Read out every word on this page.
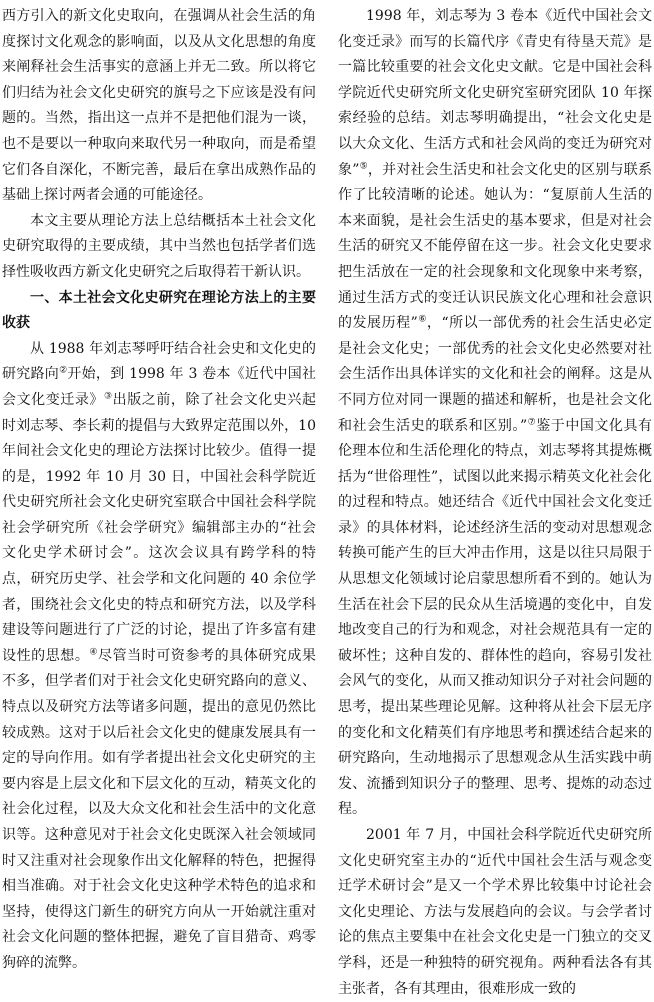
西方引入的新文化史取向，在强调从社会生活的角度探讨文化观念的影响面，以及从文化思想的角度来阐释社会生活事实的意涵上并无二致。所以将它们归结为社会文化史研究的旗号之下应该是没有问题的。当然，指出这一点并不是把他们混为一谈，也不是要以一种取向来取代另一种取向，而是希望它们各自深化，不断完善，最后在拿出成熟作品的基础上探讨两者会通的可能途径。

本文主要从理论方法上总结概括本土社会文化史研究取得的主要成绩，其中当然也包括学者们选择性吸收西方新文化史研究之后取得若干新认识。

一、本土社会文化史研究在理论方法上的主要收获

从 1988 年刘志琴呼吁结合社会史和文化史的研究路向②开始，到 1998 年 3 卷本《近代中国社会文化变迁录》③出版之前，除了社会文化史兴起时刘志琴、李长莉的提倡与大致界定范围以外，10 年间社会文化史的理论方法探讨比较少。值得一提的是，1992 年 10 月 30 日，中国社会科学院近代史研究所社会文化史研究室联合中国社会科学院社会学研究所《社会学研究》编辑部主办的“社会文化史学术研讨会”。这次会议具有跨学科的特点，研究历史学、社会学和文化问题的 40 余位学者，围绕社会文化史的特点和研究方法，以及学科建设等问题进行了广泛的讨论，提出了许多富有建设性的思想。④尽管当时可资参考的具体研究成果不多，但学者们对于社会文化史研究路向的意义、特点以及研究方法等诸多问题，提出的意见仍然比较成熟。这对于以后社会文化史的健康发展具有一定的导向作用。如有学者提出社会文化史研究的主要内容是上层文化和下层文化的互动，精英文化的社会化过程，以及大众文化和社会生活中的文化意识等。这种意见对于社会文化史既深入社会领域同时又注重对社会现象作出文化解释的特色，把握得相当准确。对于社会文化史这种学术特色的追求和坚持，使得这门新生的研究方向从一开始就注重对社会文化问题的整体把握，避免了盲目猎奇、鸡零狗碎的流弊。

1998 年，刘志琴为 3 卷本《近代中国社会文化变迁录》而写的长篇代序《青史有待垦天荒》是一篇比较重要的社会文化史文献。它是中国社会科学院近代史研究所文化史研究室研究团队 10 年探索经验的总结。刘志琴明确提出，“社会文化史是以大众文化、生活方式和社会风尚的变迁为研究对象”⑤，并对社会生活史和社会文化史的区别与联系作了比较清晰的论述。她认为：“复原前人生活的本来面貌，是社会生活史的基本要求，但是对社会生活的研究又不能停留在这一步。社会文化史要求把生活放在一定的社会现象和文化现象中来考察，通过生活方式的变迁认识民族文化心理和社会意识的发展历程”⑥，“所以一部优秀的社会生活史必定是社会文化史；一部优秀的社会文化史必然要对社会生活作出具体详实的文化和社会的阐释。这是从不同方位对同一课题的描述和解析，也是社会文化和社会生活史的联系和区别。”⑦鉴于中国文化具有伦理本位和生活伦理化的特点，刘志琴将其提炼概括为“世俗理性”，试图以此来揭示精英文化社会化的过程和特点。她还结合《近代中国社会文化变迁录》的具体材料，论述经济生活的变动对思想观念转换可能产生的巨大冲击作用，这是以往只局限于从思想文化领域讨论启蒙思想所看不到的。她认为生活在社会下层的民众从生活境遇的变化中，自发地改变自己的行为和观念，对社会规范具有一定的破坏性；这种自发的、群体性的趋向，容易引发社会风气的变化，从而又推动知识分子对社会问题的思考，提出某些理论见解。这种将从社会下层无序的变化和文化精英们有序地思考和撰述结合起来的研究路向，生动地揭示了思想观念从生活实践中萌发、流播到知识分子的整理、思考、提炼的动态过程。

2001 年 7 月，中国社会科学院近代史研究所文化史研究室主办的“近代中国社会生活与观念变迁学术研讨会”是又一个学术界比较集中讨论社会文化史理论、方法与发展趋向的会议。与会学者讨论的焦点主要集中在社会文化史是一门独立的交叉学科，还是一种独特的研究视角。两种看法各有其主张者，各有其理由，很难形成一致的
